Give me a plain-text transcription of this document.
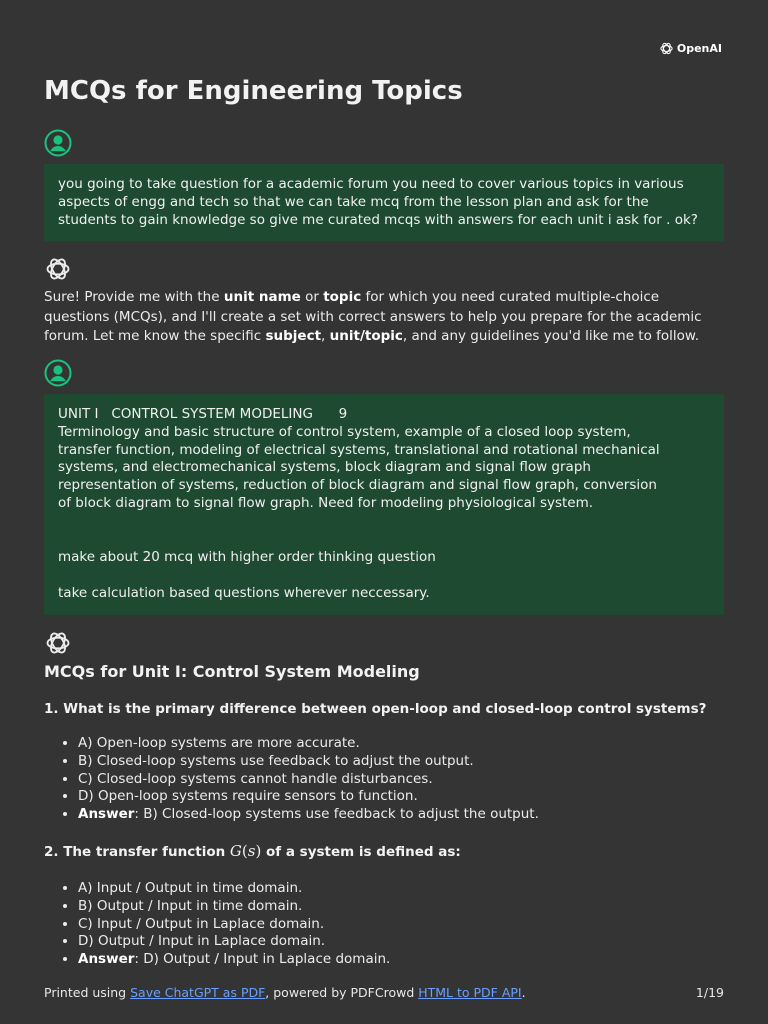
OpenAI
MCQs for Engineering Topics

you going to take question for a academic forum you need to cover various topics in various aspects of engg and tech so that we can take mcq from the lesson plan and ask for the students to gain knowledge so give me curated mcqs with answers for each unit i ask for . ok?

Sure! Provide me with the unit name or topic for which you need curated multiple-choice questions (MCQs), and I'll create a set with correct answers to help you prepare for the academic forum. Let me know the specific subject, unit/topic, and any guidelines you'd like me to follow.

UNIT I   CONTROL SYSTEM MODELING      9

Terminology and basic structure of control system, example of a closed loop system, transfer function, modeling of electrical systems, translational and rotational mechanical systems, and electromechanical systems, block diagram and signal flow graph representation of systems, reduction of block diagram and signal flow graph, conversion of block diagram to signal flow graph. Need for modeling physiological system.

make about 20 mcq with higher order thinking question

take calculation based questions wherever neccessary.

MCQs for Unit I: Control System Modeling

1. What is the primary difference between open-loop and closed-loop control systems?

• A) Open-loop systems are more accurate.
• B) Closed-loop systems use feedback to adjust the output.
• C) Closed-loop systems cannot handle disturbances.
• D) Open-loop systems require sensors to function.
• Answer: B) Closed-loop systems use feedback to adjust the output.

2. The transfer function G(s) of a system is defined as:

• A) Input / Output in time domain.
• B) Output / Input in time domain.
• C) Input / Output in Laplace domain.
• D) Output / Input in Laplace domain.
• Answer: D) Output / Input in Laplace domain.
Printed using Save ChatGPT as PDF, powered by PDFCrowd HTML to PDF API.	1/19
